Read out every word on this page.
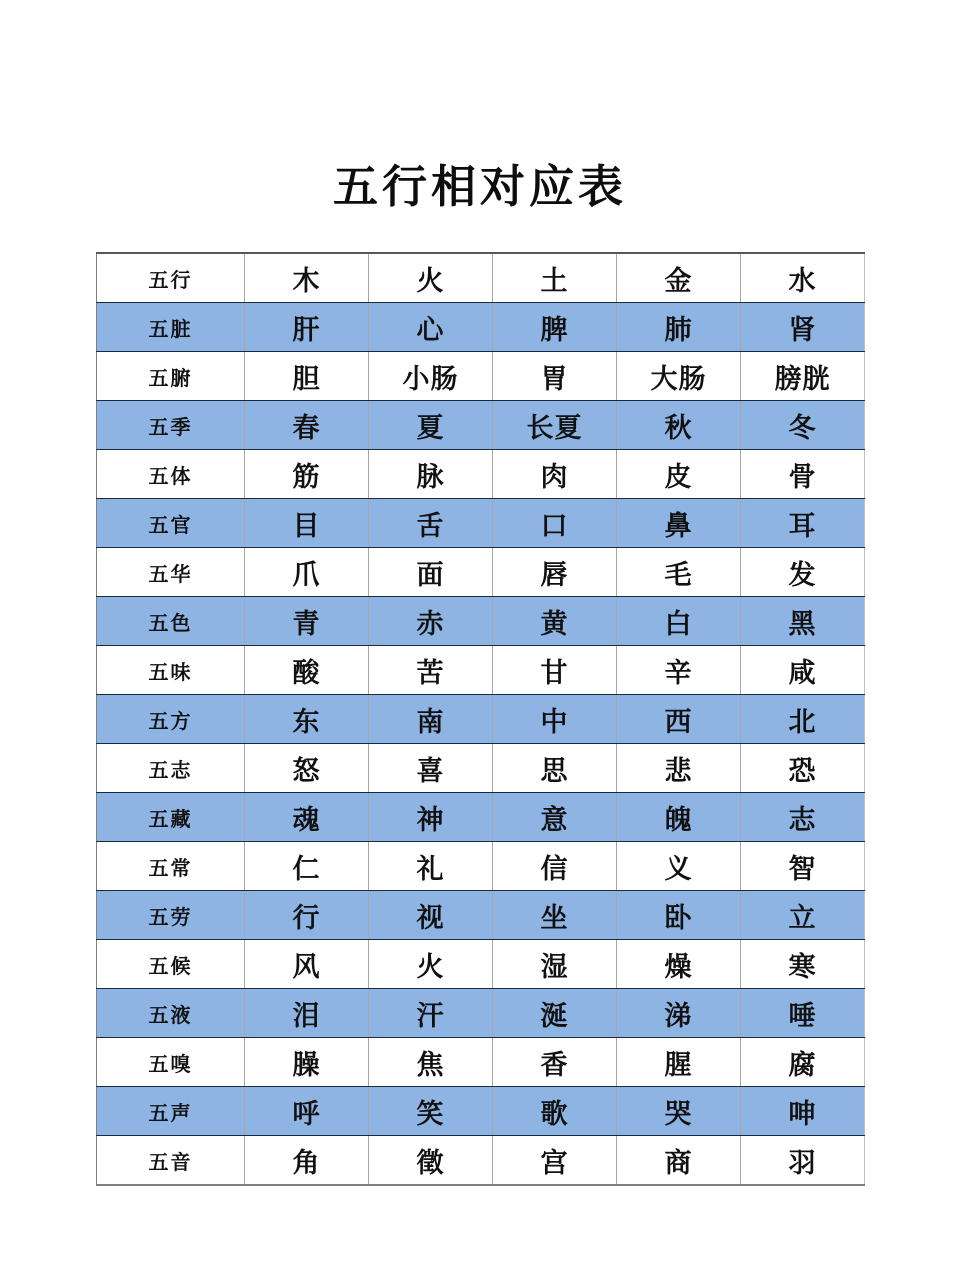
五行相对应表
五行	木	火	土	金	水
五脏	肝	心	脾	肺	肾
五腑	胆	小肠	胃	大肠	膀胱
五季	春	夏	长夏	秋	冬
五体	筋	脉	肉	皮	骨
五官	目	舌	口	鼻	耳
五华	爪	面	唇	毛	发
五色	青	赤	黄	白	黑
五味	酸	苦	甘	辛	咸
五方	东	南	中	西	北
五志	怒	喜	思	悲	恐
五藏	魂	神	意	魄	志
五常	仁	礼	信	义	智
五劳	行	视	坐	卧	立
五候	风	火	湿	燥	寒
五液	泪	汗	涎	涕	唾
五嗅	臊	焦	香	腥	腐
五声	呼	笑	歌	哭	呻
五音	角	徵	宫	商	羽
